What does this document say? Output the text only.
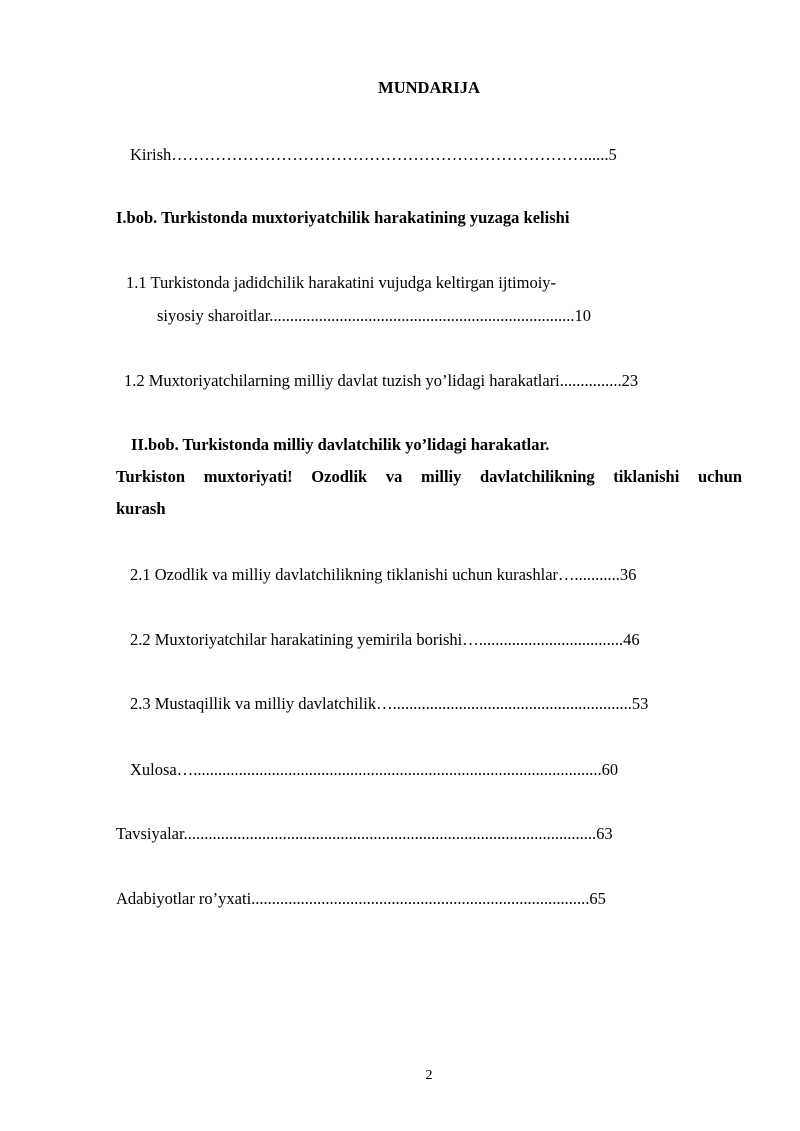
MUNDARIJA
Kirish…………………………………………………………………......5
I.bob. Turkistonda muxtoriyatchilik harakatining yuzaga kelishi
1.1 Turkistonda jadidchilik harakatini vujudga keltirgan ijtimoiy-
siyosiy sharoitlar..........................................................................10
1.2 Muxtoriyatchilarning milliy davlat tuzish yo’lidagi harakatlari...............23
II.bob. Turkistonda milliy davlatchilik yo’lidagi harakatlar.
Turkiston muxtoriyati! Ozodlik va milliy davlatchilikning tiklanishi uchun
kurash
2.1 Ozodlik va milliy davlatchilikning tiklanishi uchun kurashlar…...........36
2.2 Muxtoriyatchilar harakatining yemirila borishi…...................................46
2.3 Mustaqillik va milliy davlatchilik…..........................................................53
Xulosa…...................................................................................................60
Tavsiyalar....................................................................................................63
Adabiyotlar ro’yxati..................................................................................65
2
